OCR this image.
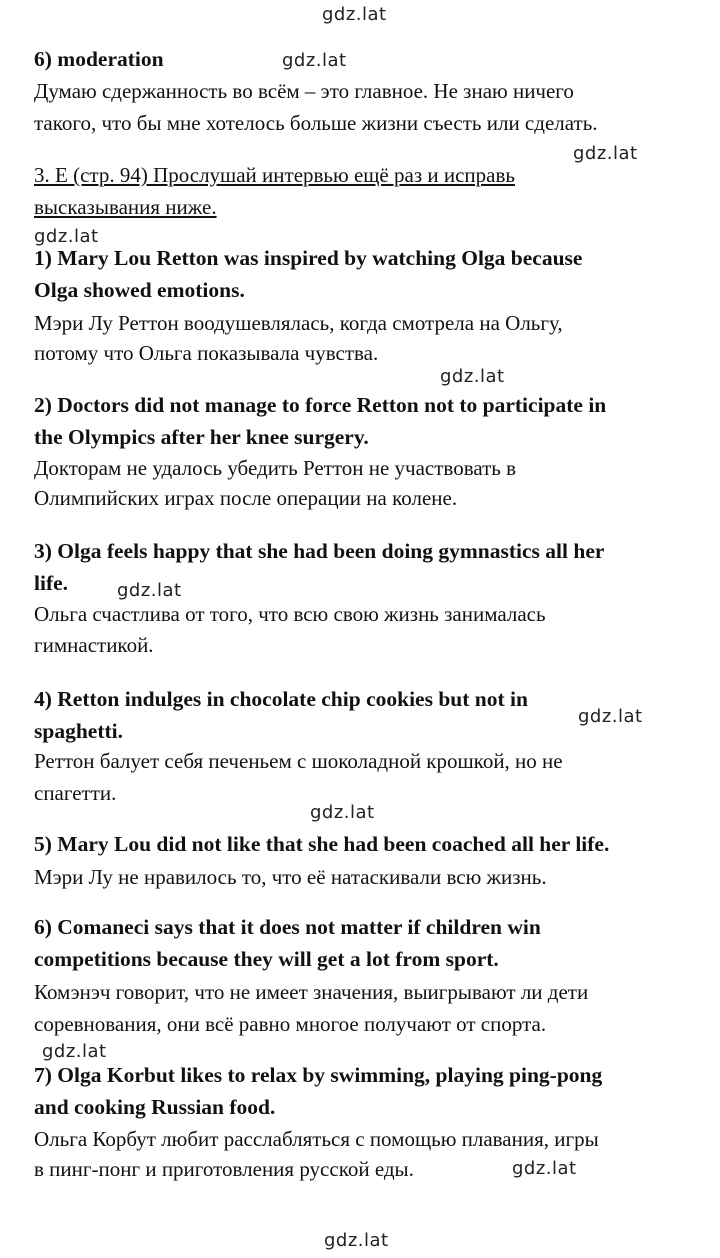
gdz.lat
gdz.lat
gdz.lat
gdz.lat
gdz.lat
gdz.lat
gdz.lat
gdz.lat
gdz.lat
gdz.lat
gdz.lat
6) moderation
Думаю сдержанность во всём – это главное. Не знаю ничего
такого, что бы мне хотелось больше жизни съесть или сделать.
3. E (стр. 94) Прослушай интервью ещё раз и исправь
высказывания ниже.
1) Mary Lou Retton was inspired by watching Olga because
Olga showed emotions.
Мэри Лу Реттон воодушевлялась, когда смотрела на Ольгу,
потому что Ольга показывала чувства.
2) Doctors did not manage to force Retton not to participate in
the Olympics after her knee surgery.
Докторам не удалось убедить Реттон не участвовать в
Олимпийских играх после операции на колене.
3) Olga feels happy that she had been doing gymnastics all her
life.
Ольга счастлива от того, что всю свою жизнь занималась
гимнастикой.
4) Retton indulges in chocolate chip cookies but not in
spaghetti.
Реттон балует себя печеньем с шоколадной крошкой, но не
спагетти.
5) Mary Lou did not like that she had been coached all her life.
Мэри Лу не нравилось то, что её натаскивали всю жизнь.
6) Comaneci says that it does not matter if children win
competitions because they will get a lot from sport.
Комэнэч говорит, что не имеет значения, выигрывают ли дети
соревнования, они всё равно многое получают от спорта.
7) Olga Korbut likes to relax by swimming, playing ping-pong
and cooking Russian food.
Ольга Корбут любит расслабляться с помощью плавания, игры
в пинг-понг и приготовления русской еды.
